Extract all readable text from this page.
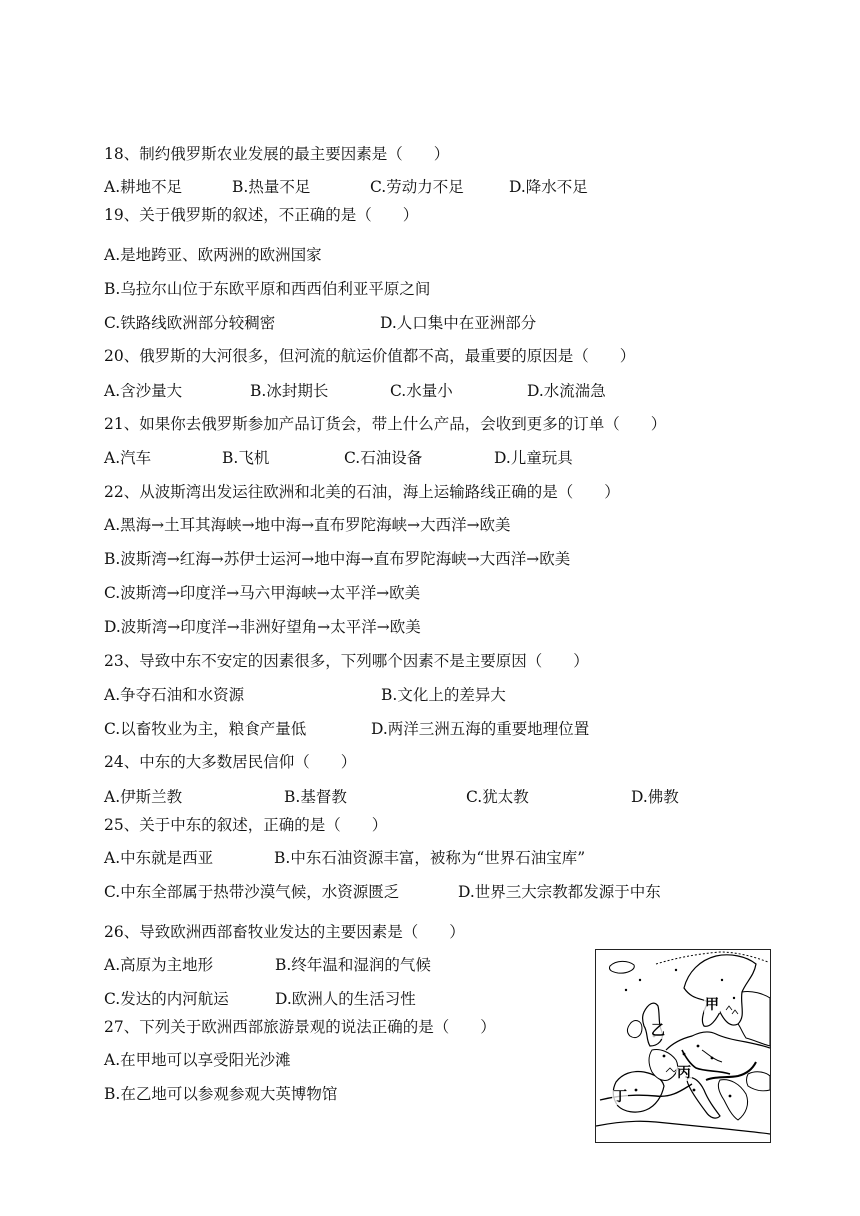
18、制约俄罗斯农业发展的最主要因素是（　　）
A.耕地不足	B.热量不足	C.劳动力不足	D.降水不足
19、关于俄罗斯的叙述，不正确的是（　　）
A.是地跨亚、欧两洲的欧洲国家
B.乌拉尔山位于东欧平原和西西伯利亚平原之间
C.铁路线欧洲部分较稠密	D.人口集中在亚洲部分
20、俄罗斯的大河很多，但河流的航运价值都不高，最重要的原因是（　　）
A.含沙量大	B.冰封期长	C.水量小	D.水流湍急
21、如果你去俄罗斯参加产品订货会，带上什么产品，会收到更多的订单（　　）
A.汽车	B.飞机	C.石油设备	D.儿童玩具
22、从波斯湾出发运往欧洲和北美的石油，海上运输路线正确的是（　　）
A.黑海→土耳其海峡→地中海→直布罗陀海峡→大西洋→欧美
B.波斯湾→红海→苏伊士运河→地中海→直布罗陀海峡→大西洋→欧美
C.波斯湾→印度洋→马六甲海峡→太平洋→欧美
D.波斯湾→印度洋→非洲好望角→太平洋→欧美
23、导致中东不安定的因素很多，下列哪个因素不是主要原因（　　）
A.争夺石油和水资源	B.文化上的差异大
C.以畜牧业为主，粮食产量低	D.两洋三洲五海的重要地理位置
24、中东的大多数居民信仰（　　）
A.伊斯兰教	B.基督教	C.犹太教	D.佛教
25、关于中东的叙述，正确的是（　　）
A.中东就是西亚	B.中东石油资源丰富，被称为“世界石油宝库”
C.中东全部属于热带沙漠气候，水资源匮乏	D.世界三大宗教都发源于中东
26、导致欧洲西部畜牧业发达的主要因素是（　　）
A.高原为主地形	B.终年温和湿润的气候
C.发达的内河航运	D.欧洲人的生活习性
27、下列关于欧洲西部旅游景观的说法正确的是（　　）
A.在甲地可以享受阳光沙滩
B.在乙地可以参观参观大英博物馆
甲
乙
丙
丁
